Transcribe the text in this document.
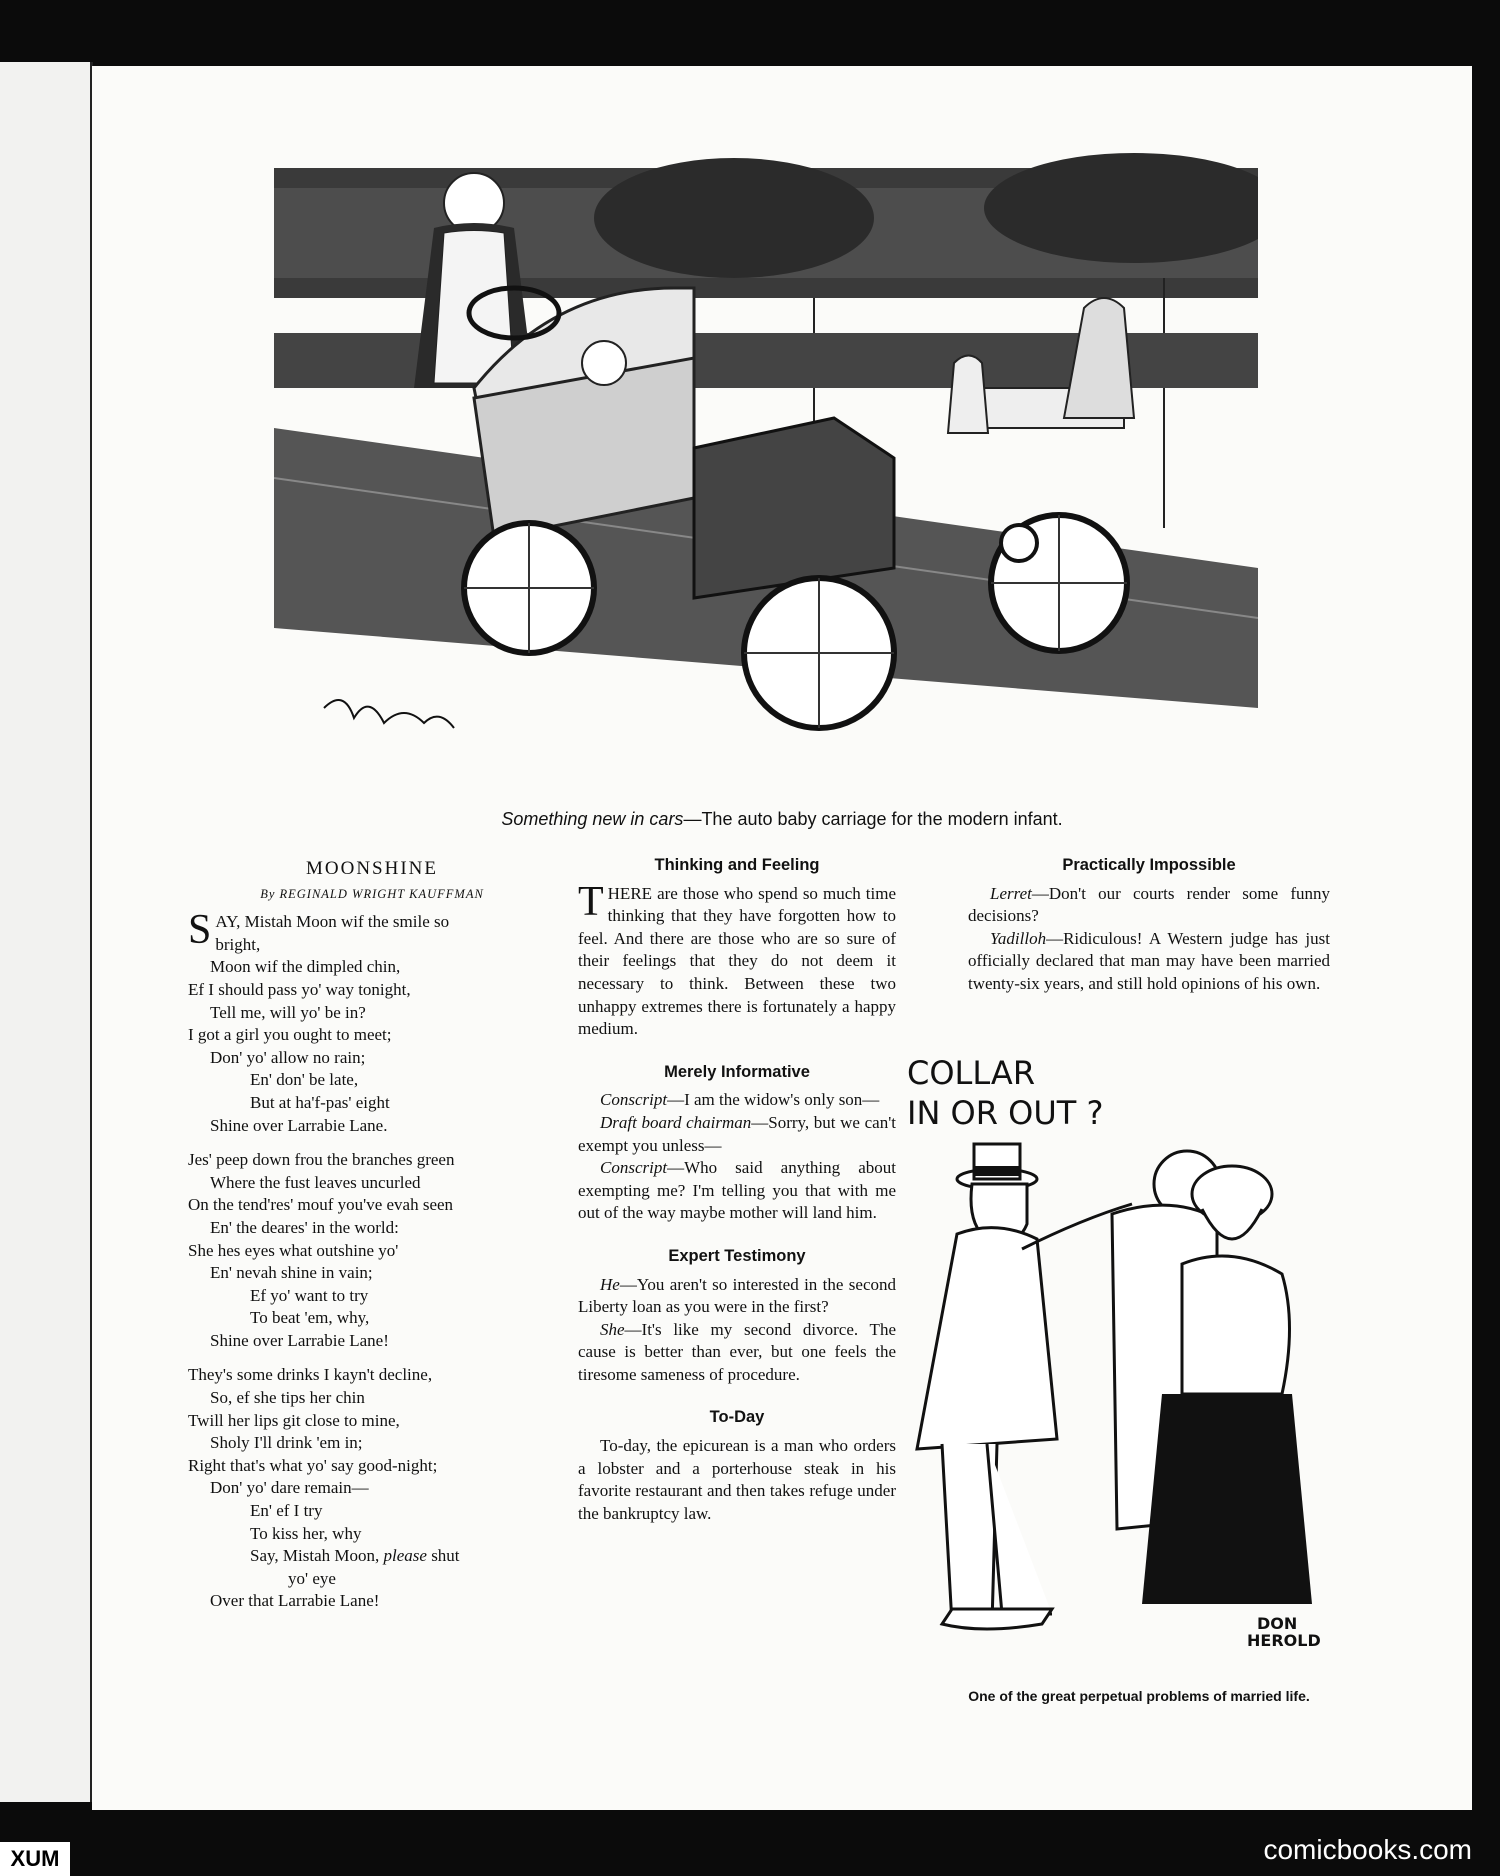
Something new in cars—The auto baby carriage for the modern infant.
MOONSHINE
By REGINALD WRIGHT KAUFFMAN
SAY, Mistah Moon wif the smile so
bright,
Moon wif the dimpled chin,
Ef I should pass yo' way tonight,
Tell me, will yo' be in?
I got a girl you ought to meet;
Don' yo' allow no rain;
En' don' be late,
But at ha'f-pas' eight
Shine over Larrabie Lane.
Jes' peep down frou the branches green
Where the fust leaves uncurled
On the tend'res' mouf you've evah seen
En' the deares' in the world:
She hes eyes what outshine yo'
En' nevah shine in vain;
Ef yo' want to try
To beat 'em, why,
Shine over Larrabie Lane!
They's some drinks I kayn't decline,
So, ef she tips her chin
Twill her lips git close to mine,
Sholy I'll drink 'em in;
Right that's what yo' say good-night;
Don' yo' dare remain—
En' ef I try
To kiss her, why
Say, Mistah Moon, please shut
yo' eye
Over that Larrabie Lane!
Thinking and Feeling

THERE are those who spend so much time thinking that they have forgotten how to feel. And there are those who are so sure of their feelings that they do not deem it necessary to think. Between these two unhappy extremes there is fortunately a happy medium.

Merely Informative

Conscript—I am the widow's only son—

Draft board chairman—Sorry, but we can't exempt you unless—

Conscript—Who said anything about exempting me? I'm telling you that with me out of the way maybe mother will land him.

Expert Testimony

He—You aren't so interested in the second Liberty loan as you were in the first?

She—It's like my second divorce. The cause is better than ever, but one feels the tiresome sameness of procedure.

To-Day

To-day, the epicurean is a man who orders a lobster and a porterhouse steak in his favorite restaurant and then takes refuge under the bankruptcy law.

Practically Impossible

Lerret—Don't our courts render some funny decisions?

Yadilloh—Ridiculous! A Western judge has just officially declared that man may have been married twenty-six years, and still hold opinions of his own.

COLLAR
IN OR OUT ?
DON
HEROLD
One of the great perpetual problems of married life.
comicbooks.com
XUM
